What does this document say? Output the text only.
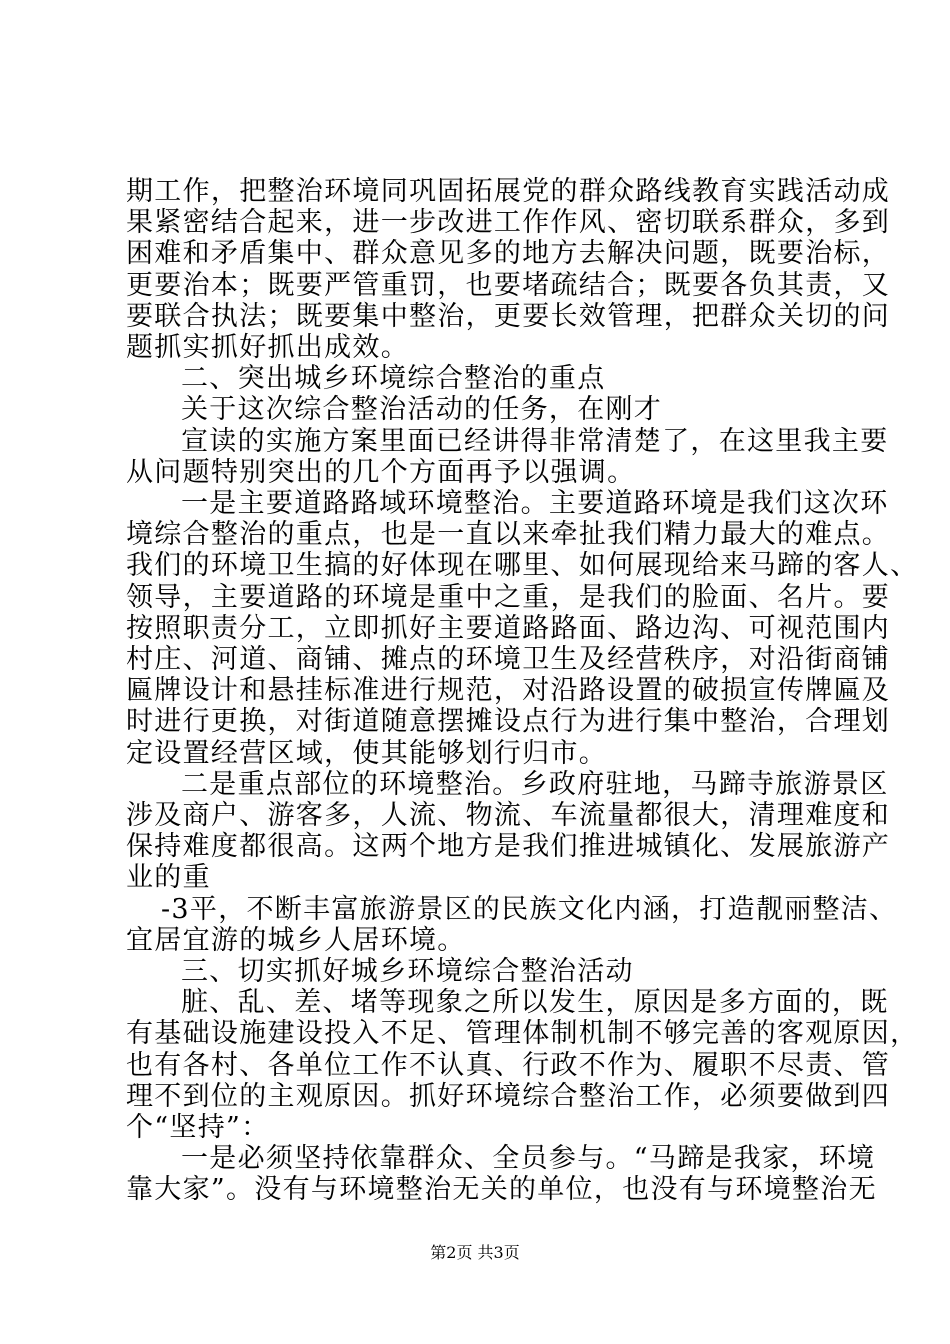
期工作，把整治环境同巩固拓展党的群众路线教育实践活动成
果紧密结合起来，进一步改进工作作风、密切联系群众，多到
困难和矛盾集中、群众意见多的地方去解决问题，既要治标，
更要治本；既要严管重罚，也要堵疏结合；既要各负其责，又
要联合执法；既要集中整治，更要长效管理，把群众关切的问
题抓实抓好抓出成效。
二、突出城乡环境综合整治的重点
关于这次综合整治活动的任务，在刚才
宣读的实施方案里面已经讲得非常清楚了，在这里我主要
从问题特别突出的几个方面再予以强调。
一是主要道路路域环境整治。主要道路环境是我们这次环
境综合整治的重点，也是一直以来牵扯我们精力最大的难点。
我们的环境卫生搞的好体现在哪里、如何展现给来马蹄的客人、
领导，主要道路的环境是重中之重，是我们的脸面、名片。要
按照职责分工，立即抓好主要道路路面、路边沟、可视范围内
村庄、河道、商铺、摊点的环境卫生及经营秩序，对沿街商铺
匾牌设计和悬挂标准进行规范，对沿路设置的破损宣传牌匾及
时进行更换，对街道随意摆摊设点行为进行集中整治，合理划
定设置经营区域，使其能够划行归市。
二是重点部位的环境整治。乡政府驻地，马蹄寺旅游景区
涉及商户、游客多，人流、物流、车流量都很大，清理难度和
保持难度都很高。这两个地方是我们推进城镇化、发展旅游产
业的重
-3平，不断丰富旅游景区的民族文化内涵，打造靓丽整洁、
宜居宜游的城乡人居环境。
三、切实抓好城乡环境综合整治活动
脏、乱、差、堵等现象之所以发生，原因是多方面的，既
有基础设施建设投入不足、管理体制机制不够完善的客观原因，
也有各村、各单位工作不认真、行政不作为、履职不尽责、管
理不到位的主观原因。抓好环境综合整治工作，必须要做到四
个“坚持”：
第2页 共3页
一是必须坚持依靠群众、全员参与。“马蹄是我家，环境
靠大家”。没有与环境整治无关的单位，也没有与环境整治无
